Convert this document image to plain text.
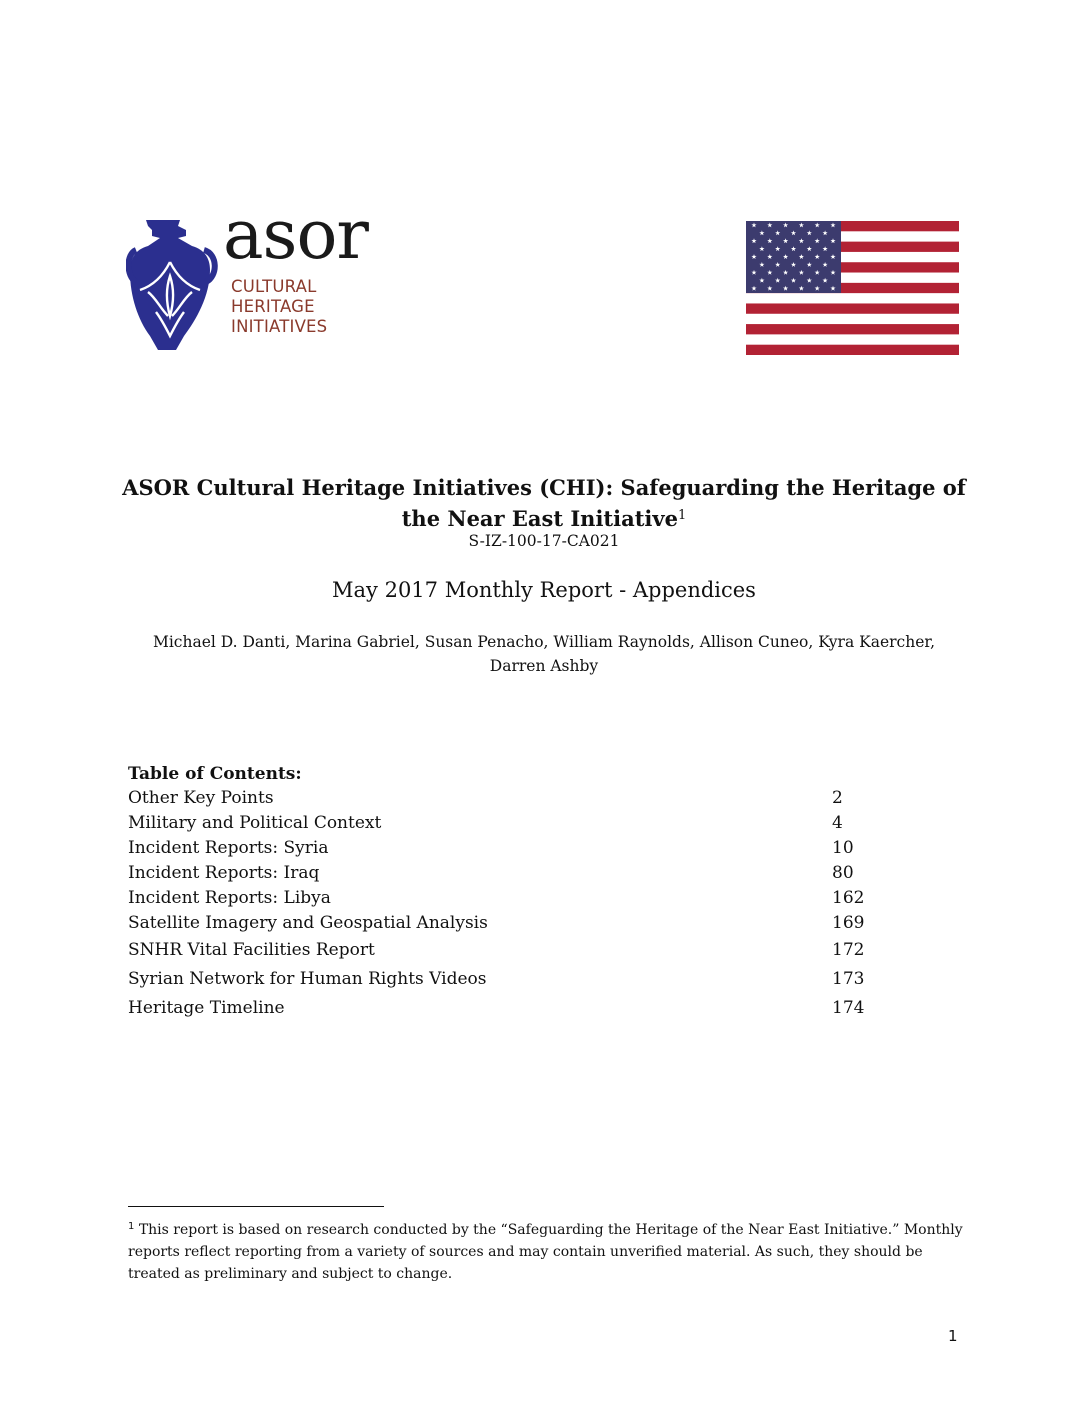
asor
CULTURAL
HERITAGE
INITIATIVES
ASOR Cultural Heritage Initiatives (CHI): Safeguarding the Heritage of
the Near East Initiative$^1$
S-IZ-100-17-CA021
May 2017 Monthly Report - Appendices
Michael D. Danti, Marina Gabriel, Susan Penacho, William Raynolds, Allison Cuneo, Kyra Kaercher,
Darren Ashby
Table of Contents:
Other Key Points	2
Military and Political Context	4
Incident Reports: Syria	10
Incident Reports: Iraq	80
Incident Reports: Libya	162
Satellite Imagery and Geospatial Analysis	169
SNHR Vital Facilities Report	172
Syrian Network for Human Rights Videos	173
Heritage Timeline	174
$^1$ This report is based on research conducted by the “Safeguarding the Heritage of the Near East Initiative.” Monthly reports reflect reporting from a variety of sources and may contain unverified material. As such, they should be treated as preliminary and subject to change.
1
